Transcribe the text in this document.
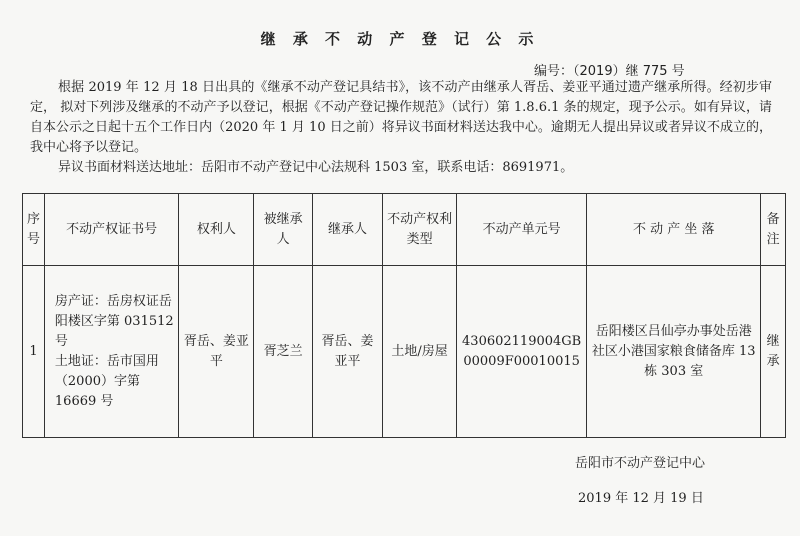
继 承 不 动 产 登 记 公 示
编号：（2019）继 775 号

根据 2019 年 12 月 18 日出具的《继承不动产登记具结书》，该不动产由继承人胥岳、姜亚平通过遗产继承所得。经初步审定， 拟对下列涉及继承的不动产予以登记，根据《不动产登记操作规范》（试行）第 1.8.6.1 条的规定，现予公示。如有异议，请自本公示之日起十五个工作日内（2020 年 1 月 10 日之前）将异议书面材料送达我中心。逾期无人提出异议或者异议不成立的，我中心将予以登记。

异议书面材料送达地址：岳阳市不动产登记中心法规科 1503 室，联系电话：8691971。

序号	不动产权证书号	权利人	被继承人	继承人	不动产权利类型	不动产单元号	不 动 产 坐 落	备注
1	房产证：岳房权证岳阳楼区字第 031512 号
土地证：岳市国用（2000）字第 16669 号	胥岳、姜亚平	胥芝兰	胥岳、姜亚平	土地/房屋	430602119004GB00009F00010015	岳阳楼区吕仙亭办事处岳港社区小港国家粮食储备库 13 栋 303 室	继承
岳阳市不动产登记中心
2019 年 12 月 19 日
